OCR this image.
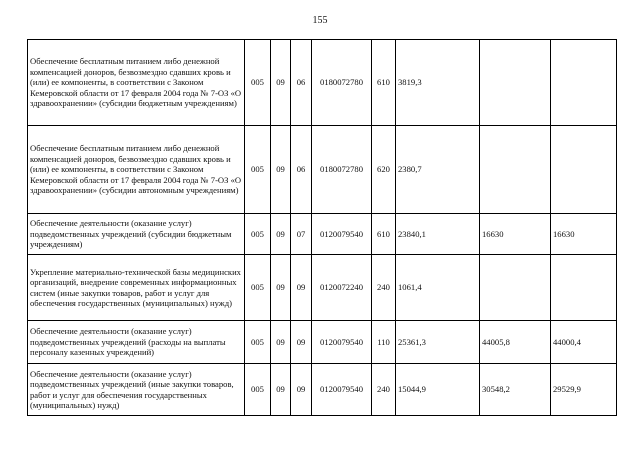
155
Обеспечение бесплатным питанием либо денежной компенсацией доноров, безвозмездно сдавших кровь и (или) ее компоненты, в соответствии с Законом Кемеровской области от 17 февраля 2004 года № 7-ОЗ «О здравоохранении» (субсидии бюджетным учреждениям)	005	09	06	0180072780	610	3819,3		
Обеспечение бесплатным питанием либо денежной компенсацией доноров, безвозмездно сдавших кровь и (или) ее компоненты, в соответствии с Законом Кемеровской области от 17 февраля 2004 года № 7-ОЗ «О здравоохранении» (субсидии автономным учреждениям)	005	09	06	0180072780	620	2380,7		
Обеспечение деятельности (оказание услуг) подведомственных учреждений (субсидии бюджетным учреждениям)	005	09	07	0120079540	610	23840,1	16630	16630
Укрепление материально-технической базы медицинских организаций, внедрение современных информационных систем (иные закупки товаров, работ и услуг для обеспечения государственных (муниципальных) нужд)	005	09	09	0120072240	240	1061,4		
Обеспечение деятельности (оказание услуг) подведомственных учреждений (расходы на выплаты персоналу казенных учреждений)	005	09	09	0120079540	110	25361,3	44005,8	44000,4
Обеспечение деятельности (оказание услуг) подведомственных учреждений (иные закупки товаров, работ и услуг для обеспечения государственных (муниципальных) нужд)	005	09	09	0120079540	240	15044,9	30548,2	29529,9
